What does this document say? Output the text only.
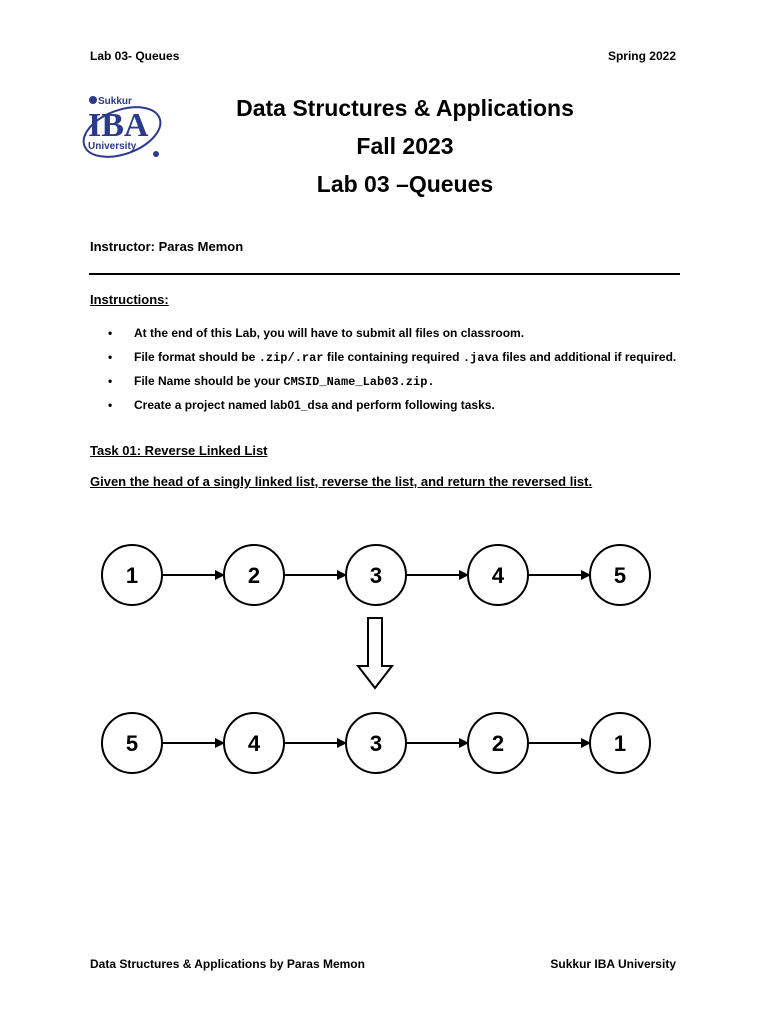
Lab 03- Queues	Spring 2022
Sukkur
IBA
University
Data Structures & Applications
Fall 2023
Lab 03 –Queues
Instructor: Paras Memon
Instructions:
• At the end of this Lab, you will have to submit all files on classroom.
• File format should be .zip/.rar file containing required .java files and additional if required.
• File Name should be your CMSID_Name_Lab03.zip.
• Create a project named lab01_dsa and perform following tasks.
Task 01: Reverse Linked List
Given the head of a singly linked list, reverse the list, and return the reversed list.
1	2	3	4	5
5	4	3	2	1
Data Structures & Applications by Paras Memon	Sukkur IBA University
